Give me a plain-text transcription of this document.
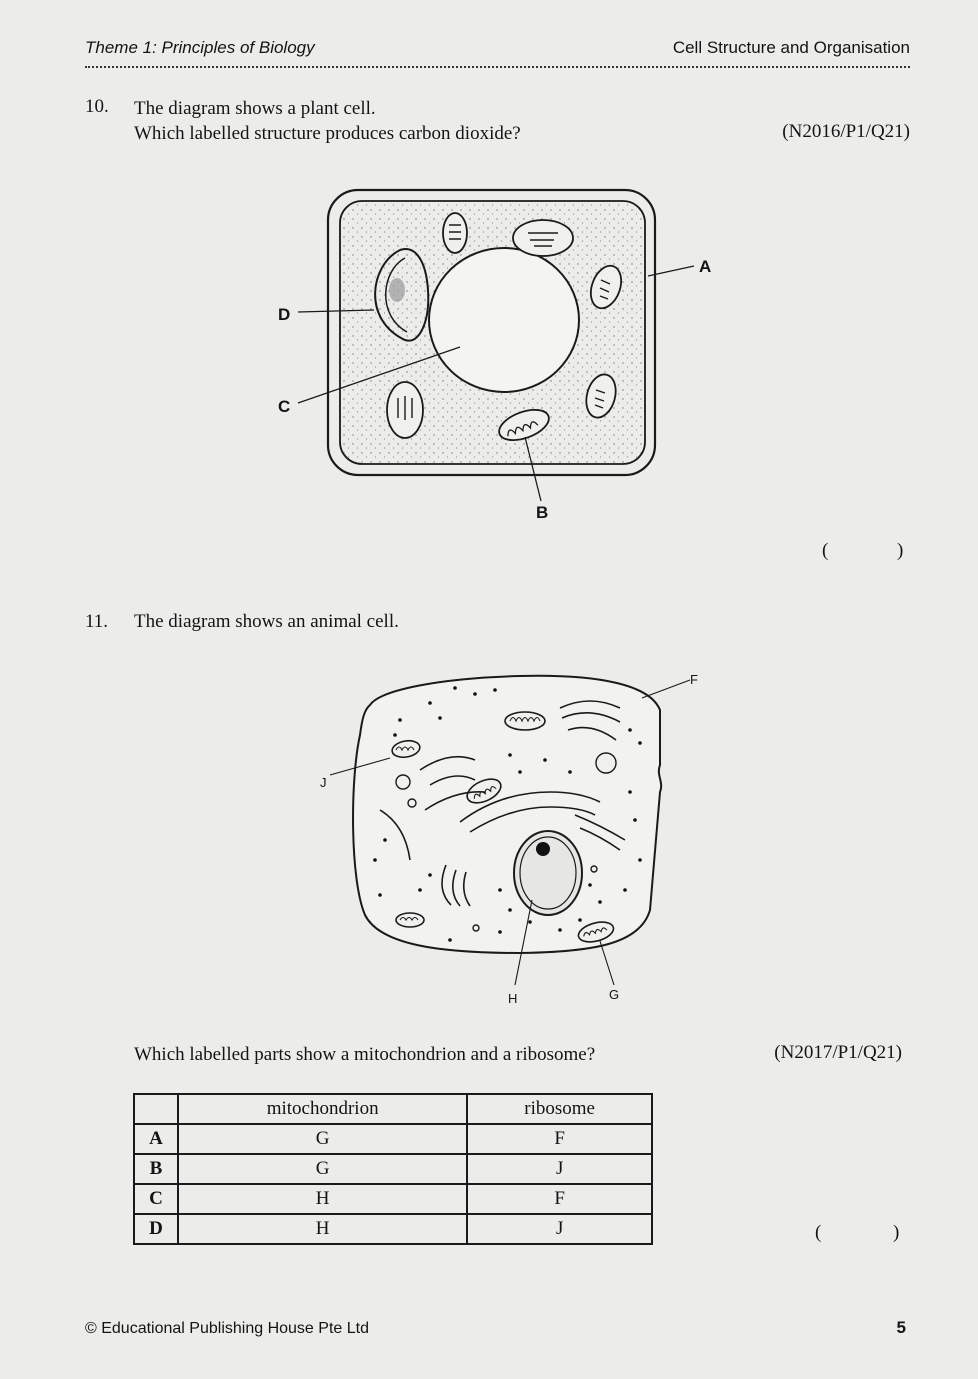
Theme 1: Principles of Biology	Cell Structure and Organisation
10. The diagram shows a plant cell.
Which labelled structure produces carbon dioxide?	(N2016/P1/Q21)
A
D
C
B
(	)
11. The diagram shows an animal cell.
F
J
H	G
Which labelled parts show a mitochondrion and a ribosome?	(N2017/P1/Q21)
	mitochondrion	ribosome
A	G	F
B	G	J
C	H	F
D	H	J	(	)
© Educational Publishing House Pte Ltd	5
